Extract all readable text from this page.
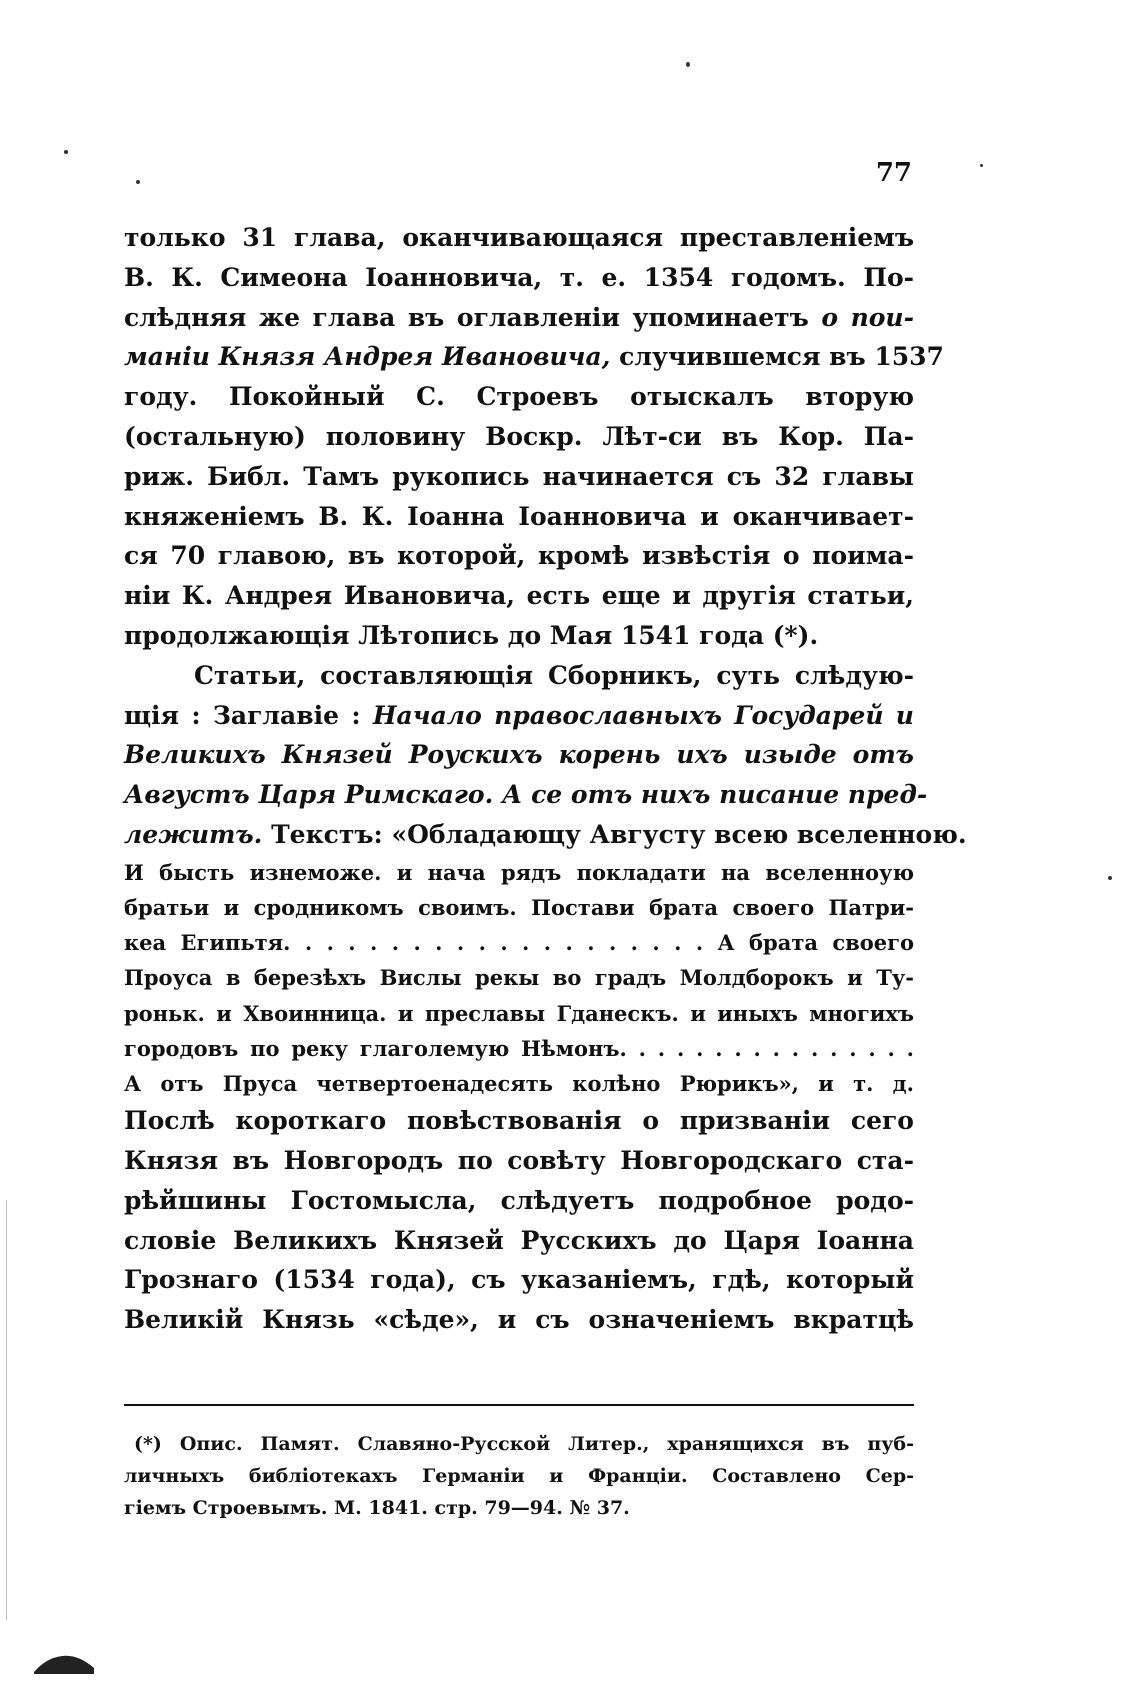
77

только 31 глава, оканчивающаяся преставленіемъ
В. К. Симеона Іоанновича, т. е. 1354 годомъ. По-
слѣдняя же глава въ оглавленіи упоминаетъ о пои-
маніи Князя Андрея Ивановича, случившемся въ 1537
году. Покойный С. Строевъ отыскалъ вторую
(остальную) половину Воскр. Лѣт-си въ Кор. Па-
риж. Библ. Тамъ рукопись начинается съ 32 главы
княженіемъ В. К. Іоанна Іоанновича и оканчивает-
ся 70 главою, въ которой, кромѣ извѣстія о поима-
ніи К. Андрея Ивановича, есть еще и другія статьи,
продолжающія Лѣтопись до Мая 1541 года (*).

Статьи, составляющія Сборникъ, суть слѣдую-
щія : Заглавіе : Начало православныхъ Государей и
Великихъ Князей Роускихъ корень ихъ изыде отъ
Августъ Царя Римскаго. А се отъ нихъ писание пред-
лежитъ. Текстъ: «Обладающу Августу всею вселенною.

И бысть изнеможе. и нача рядъ покладати на вселенноую
братьи и сродникомъ своимъ. Постави брата своего Патри-
кеа Египьтя. . . . . . . . . . . . . . . . . . . . А брата своего
Проуса в березѣхъ Вислы рекы во градъ Молдборокъ и Ту-
роньк. и Хвоинница. и преславы Гданескъ. и иныхъ многихъ
городовъ по реку глаголемую Нѣмонъ. . . . . . . . . . . . . . . .
А отъ Пруса четвертоенадесять колѣно Рюрикъ», и т. д.

Послѣ короткаго повѣствованія о призваніи сего
Князя въ Новгородъ по совѣту Новгородскаго ста-
рѣйшины Гостомысла, слѣдуетъ подробное родо-
словіе Великихъ Князей Русскихъ до Царя Іоанна
Грознаго (1534 года), съ указаніемъ, гдѣ, который
Великій Князь «сѣде», и съ означеніемъ вкратцѣ

(*) Опис. Памят. Славяно-Русской Литер., хранящихся въ пуб-
личныхъ библіотекахъ Германіи и Франціи. Составлено Сер-
гіемъ Строевымъ. М. 1841. стр. 79—94. № 37.
